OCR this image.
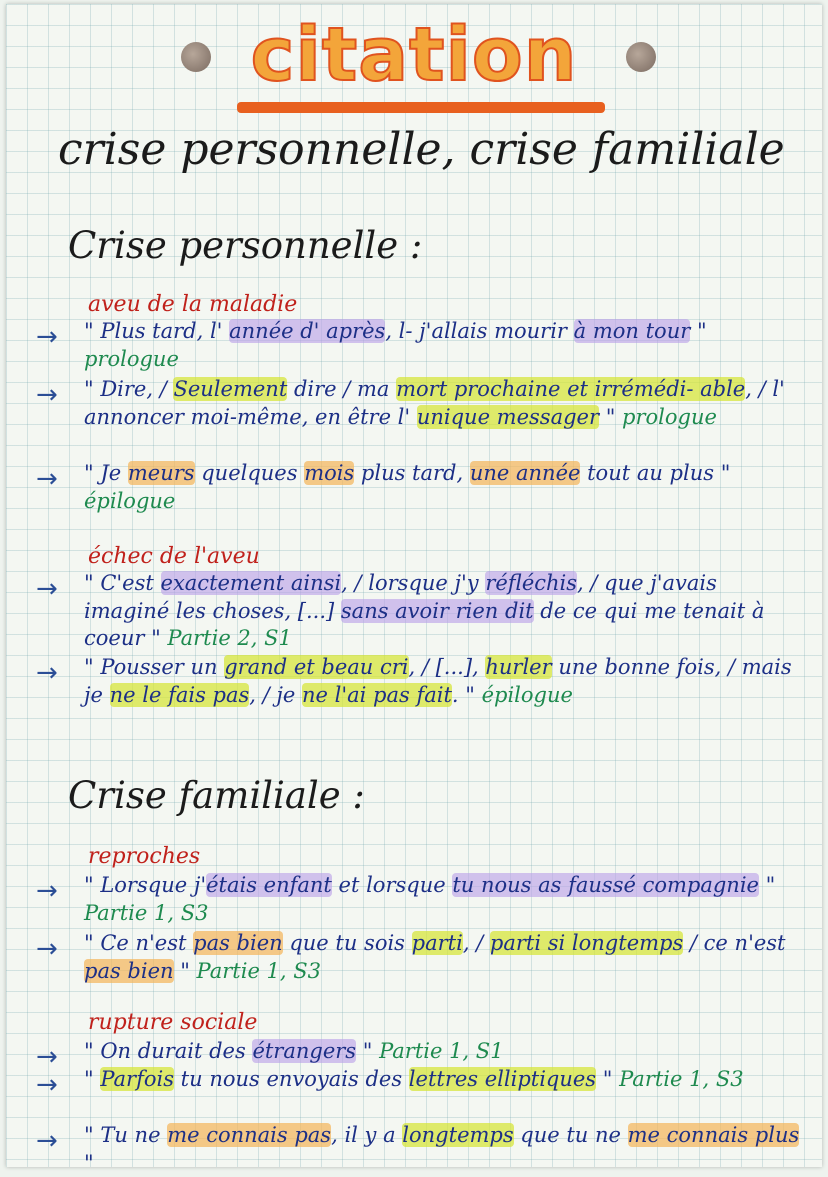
citation
crise personnelle, crise familiale
Crise personnelle :
aveu de la maladie
→ " Plus tard, l' année d' après, l- j'allais mourir à mon tour " prologue
→ " Dire, / Seulement dire / ma mort prochaine et irrémédi- able, / l' annoncer moi-même, en être l' unique messager " prologue
→ " Je meurs quelques mois plus tard, une année tout au plus " épilogue
échec de l'aveu
→ " C'est exactement ainsi, / lorsque j'y réfléchis, / que j'avais imaginé les choses, [...] sans avoir rien dit de ce qui me tenait à coeur " Partie 2, S1
→ " Pousser un grand et beau cri, / [...], hurler une bonne fois, / mais je ne le fais pas, / je ne l'ai pas fait. " épilogue
Crise familiale :
reproches
→ " Lorsque j'étais enfant et lorsque tu nous as faussé compagnie " Partie 1, S3
→ " Ce n'est pas bien que tu sois parti, / parti si longtemps / ce n'est pas bien " Partie 1, S3
rupture sociale
→ " On durait des étrangers " Partie 1, S1
→ " Parfois tu nous envoyais des lettres elliptiques " Partie 1, S3
→ " Tu ne me connais pas, il y a longtemps que tu ne me connais plus "
